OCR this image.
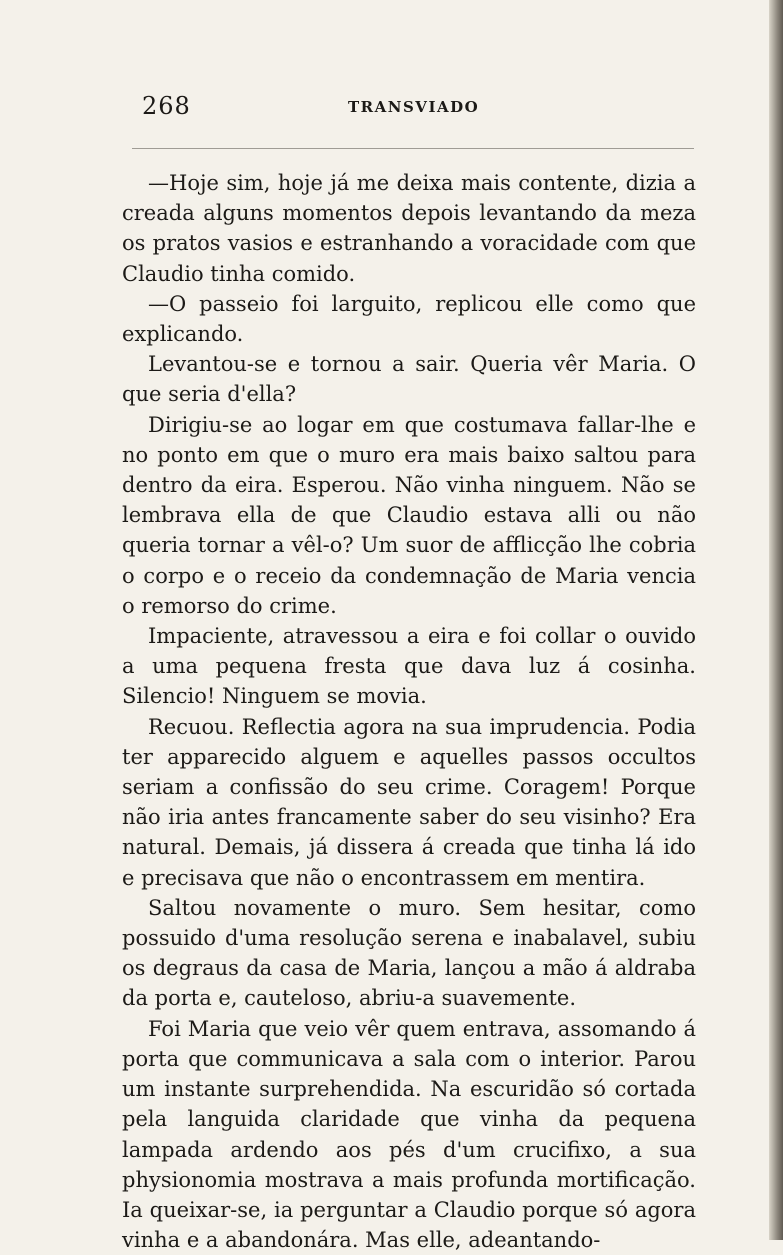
268	TRANSVIADO

—Hoje sim, hoje já me deixa mais contente, dizia a creada alguns momentos depois levantando da meza os pratos vasios e estranhando a voracidade com que Claudio tinha comido.

—O passeio foi larguito, replicou elle como que explicando.

Levantou-se e tornou a sair. Queria vêr Maria. O que seria d'ella?

Dirigiu-se ao logar em que costumava fallar-lhe e no ponto em que o muro era mais baixo saltou para dentro da eira. Esperou. Não vinha ninguem. Não se lembrava ella de que Claudio estava alli ou não queria tornar a vêl-o? Um suor de afflicção lhe cobria o corpo e o receio da condemnação de Maria vencia o remorso do crime.

Impaciente, atravessou a eira e foi collar o ouvido a uma pequena fresta que dava luz á cosinha. Silencio! Ninguem se movia.

Recuou. Reflectia agora na sua imprudencia. Podia ter apparecido alguem e aquelles passos occultos seriam a confissão do seu crime. Coragem! Porque não iria antes francamente saber do seu visinho? Era natural. Demais, já dissera á creada que tinha lá ido e precisava que não o encontrassem em mentira.

Saltou novamente o muro. Sem hesitar, como possuido d'uma resolução serena e inabalavel, subiu os degraus da casa de Maria, lançou a mão á aldraba da porta e, cauteloso, abriu-a suavemente.

Foi Maria que veio vêr quem entrava, assomando á porta que communicava a sala com o interior. Parou um instante surprehendida. Na escuridão só cortada pela languida claridade que vinha da pequena lampada ardendo aos pés d'um crucifixo, a sua physionomia mostrava a mais profunda mortificação. Ia queixar-se, ia perguntar a Claudio porque só agora vinha e a abandonára. Mas elle, adeantando-
